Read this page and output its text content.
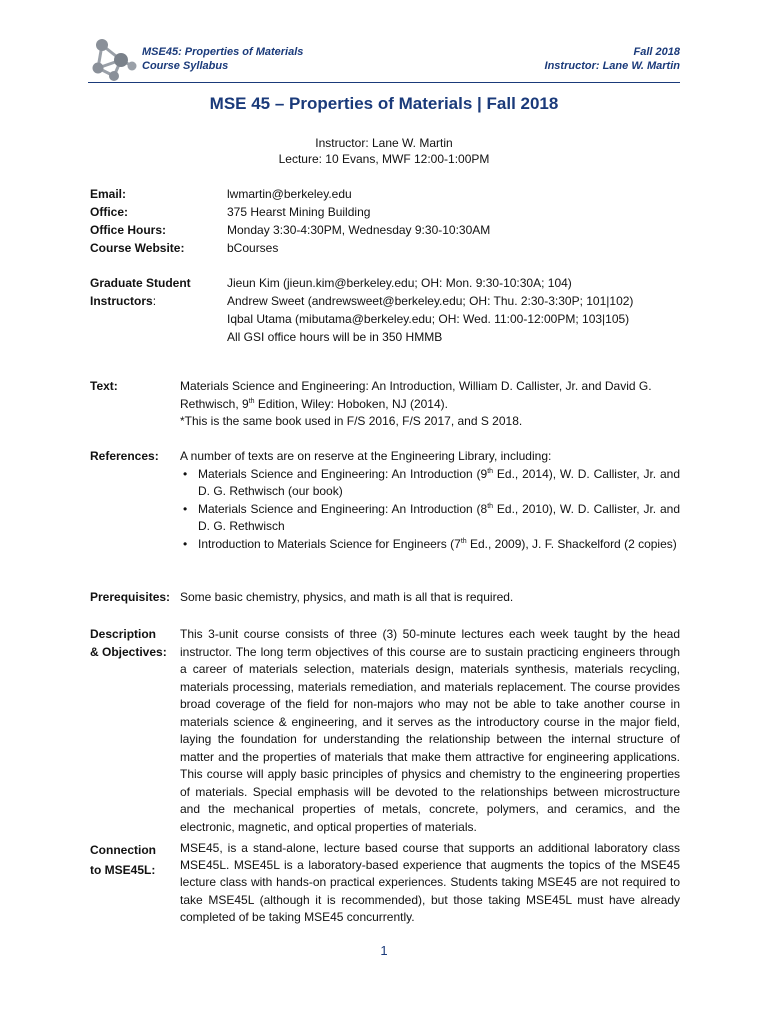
MSE45: Properties of Materials
Course Syllabus
Fall 2018
Instructor: Lane W. Martin
MSE 45 – Properties of Materials | Fall 2018
Instructor: Lane W. Martin
Lecture: 10 Evans, MWF 12:00-1:00PM
Email:	lwmartin@berkeley.edu
Office:	375 Hearst Mining Building
Office Hours:	Monday 3:30-4:30PM, Wednesday 9:30-10:30AM
Course Website:	bCourses
Graduate Student
Instructors:
Jieun Kim (jieun.kim@berkeley.edu; OH: Mon. 9:30-10:30A; 104)
Andrew Sweet (andrewsweet@berkeley.edu; OH: Thu. 2:30-3:30P; 101|102)
Iqbal Utama (mibutama@berkeley.edu; OH: Wed. 11:00-12:00PM; 103|105)
All GSI office hours will be in 350 HMMB
Text:	Materials Science and Engineering: An Introduction, William D. Callister, Jr. and David G.
Rethwisch, 9th Edition, Wiley: Hoboken, NJ (2014).
*This is the same book used in F/S 2016, F/S 2017, and S 2018.
References:	A number of texts are on reserve at the Engineering Library, including:
• Materials Science and Engineering: An Introduction (9th Ed., 2014), W. D. Callister, Jr. and D. G. Rethwisch (our book)
• Materials Science and Engineering: An Introduction (8th Ed., 2010), W. D. Callister, Jr. and D. G. Rethwisch
• Introduction to Materials Science for Engineers (7th Ed., 2009), J. F. Shackelford (2 copies)
Prerequisites: Some basic chemistry, physics, and math is all that is required.
Description
& Objectives:
This 3-unit course consists of three (3) 50-minute lectures each week taught by the head instructor. The long term objectives of this course are to sustain practicing engineers through a career of materials selection, materials design, materials synthesis, materials recycling, materials processing, materials remediation, and materials replacement. The course provides broad coverage of the field for non-majors who may not be able to take another course in materials science & engineering, and it serves as the introductory course in the major field, laying the foundation for understanding the relationship between the internal structure of matter and the properties of materials that make them attractive for engineering applications. This course will apply basic principles of physics and chemistry to the engineering properties of materials. Special emphasis will be devoted to the relationships between microstructure and the mechanical properties of metals, concrete, polymers, and ceramics, and the electronic, magnetic, and optical properties of materials.
Connection
to MSE45L:
MSE45, is a stand-alone, lecture based course that supports an additional laboratory class MSE45L. MSE45L is a laboratory-based experience that augments the topics of the MSE45 lecture class with hands-on practical experiences. Students taking MSE45 are not required to take MSE45L (although it is recommended), but those taking MSE45L must have already completed of be taking MSE45 concurrently.
1
